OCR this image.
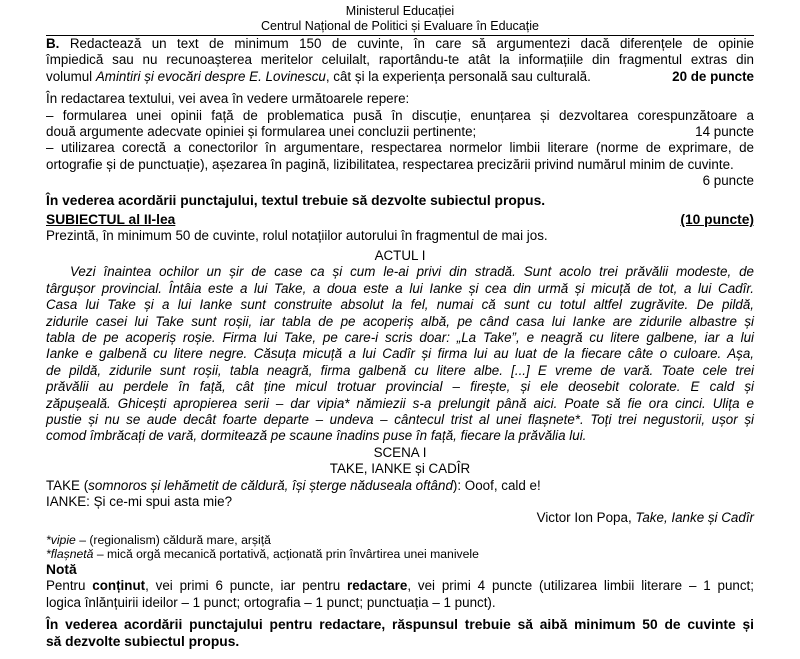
Ministerul Educației
Centrul Național de Politici și Evaluare în Educație
B. Redactează un text de minimum 150 de cuvinte, în care să argumentezi dacă diferențele de opinie
împiedică sau nu recunoașterea meritelor celuilalt, raportându-te atât la informațiile din fragmentul extras din
volumul Amintiri și evocări despre E. Lovinescu, cât și la experiența personală sau culturală.	20 de puncte
În redactarea textului, vei avea în vedere următoarele repere:
– formularea unei opinii față de problematica pusă în discuție, enunțarea și dezvoltarea corespunzătoare a
două argumente adecvate opiniei și formularea unei concluzii pertinente;	14 puncte
– utilizarea corectă a conectorilor în argumentare, respectarea normelor limbii literare (norme de exprimare, de
ortografie și de punctuație), așezarea în pagină, lizibilitatea, respectarea precizării privind numărul minim de cuvinte.
6 puncte
În vederea acordării punctajului, textul trebuie să dezvolte subiectul propus.
SUBIECTUL al II-lea	(10 puncte)
Prezintă, în minimum 50 de cuvinte, rolul notațiilor autorului în fragmentul de mai jos.
ACTUL I
Vezi înaintea ochilor un șir de case ca și cum le-ai privi din stradă. Sunt acolo trei prăvălii modeste, de
târgușor provincial. Întâia este a lui Take, a doua este a lui Ianke și cea din urmă și micuță de tot, a lui Cadîr.
Casa lui Take și a lui Ianke sunt construite absolut la fel, numai că sunt cu totul altfel zugrăvite. De pildă,
zidurile casei lui Take sunt roșii, iar tabla de pe acoperiș albă, pe când casa lui Ianke are zidurile albastre și
tabla de pe acoperiș roșie. Firma lui Take, pe care-i scris doar: „La Take”, e neagră cu litere galbene, iar a lui
Ianke e galbenă cu litere negre. Căsuța micuță a lui Cadîr și firma lui au luat de la fiecare câte o culoare. Așa,
de pildă, zidurile sunt roșii, tabla neagră, firma galbenă cu litere albe. [...] E vreme de vară. Toate cele trei
prăvălii au perdele în față, cât ține micul trotuar provincial – firește, și ele deosebit colorate. E cald și
zăpușeală. Ghicești apropierea serii – dar vipia* nămiezii s-a prelungit până aici. Poate să fie ora cinci. Ulița e
pustie și nu se aude decât foarte departe – undeva – cântecul trist al unei flașnete*. Toți trei negustorii, ușor și
comod îmbrăcați de vară, dormitează pe scaune înadins puse în față, fiecare la prăvălia lui.
SCENA I
TAKE, IANKE și CADÎR
TAKE (somnoros și lehămetit de căldură, își șterge năduseala oftând): Ooof, cald e!
IANKE: Și ce-mi spui asta mie?
Victor Ion Popa, Take, Ianke și Cadîr
*vipie – (regionalism) căldură mare, arșiță
*flașnetă – mică orgă mecanică portativă, acționată prin învârtirea unei manivele
Notă
Pentru conținut, vei primi 6 puncte, iar pentru redactare, vei primi 4 puncte (utilizarea limbii literare – 1 punct;
logica înlănțuirii ideilor – 1 punct; ortografia – 1 punct; punctuația – 1 punct).
În vederea acordării punctajului pentru redactare, răspunsul trebuie să aibă minimum 50 de cuvinte și
să dezvolte subiectul propus.
